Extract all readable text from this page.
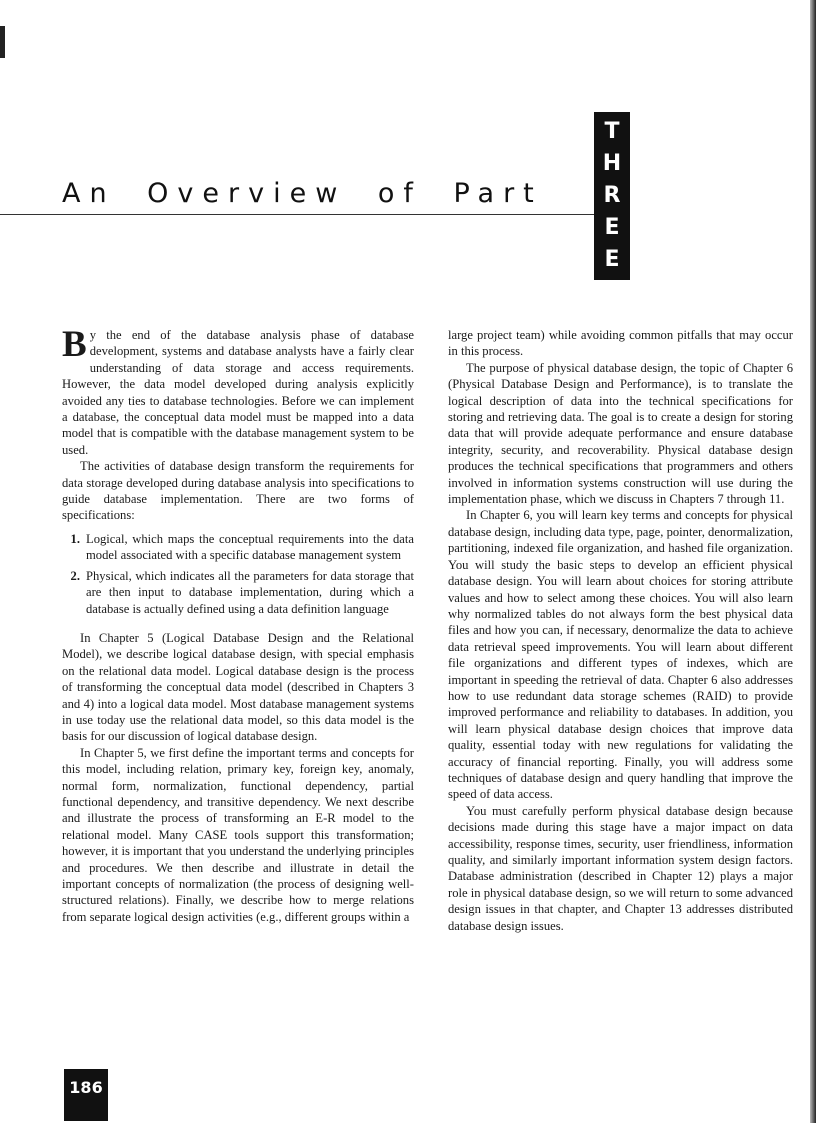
T
H
R
E
E
An Overview of Part

By the end of the database analysis phase of database development, systems and database analysts have a fairly clear understanding of data storage and access requirements. However, the data model developed during analysis explicitly avoided any ties to database technologies. Before we can implement a database, the conceptual data model must be mapped into a data model that is compatible with the database management system to be used.

The activities of database design transform the requirements for data storage developed during database analysis into specifications to guide database implementation. There are two forms of specifications:

1. Logical, which maps the conceptual requirements into the data model associated with a specific database management system
2. Physical, which indicates all the parameters for data storage that are then input to database implementation, during which a database is actually defined using a data definition language

In Chapter 5 (Logical Database Design and the Relational Model), we describe logical database design, with special emphasis on the relational data model. Logical database design is the process of transforming the conceptual data model (described in Chapters 3 and 4) into a logical data model. Most database management systems in use today use the relational data model, so this data model is the basis for our discussion of logical database design.

In Chapter 5, we first define the important terms and concepts for this model, including relation, primary key, foreign key, anomaly, normal form, normalization, functional dependency, partial functional dependency, and transitive dependency. We next describe and illustrate the process of transforming an E-R model to the relational model. Many CASE tools support this transformation; however, it is important that you understand the underlying principles and procedures. We then describe and illustrate in detail the important concepts of normalization (the process of designing well-structured relations). Finally, we describe how to merge relations from separate logical design activities (e.g., different groups within a

large project team) while avoiding common pitfalls that may occur in this process.

The purpose of physical database design, the topic of Chapter 6 (Physical Database Design and Performance), is to translate the logical description of data into the technical specifications for storing and retrieving data. The goal is to create a design for storing data that will provide adequate performance and ensure database integrity, security, and recoverability. Physical database design produces the technical specifications that programmers and others involved in information systems construction will use during the implementation phase, which we discuss in Chapters 7 through 11.

In Chapter 6, you will learn key terms and concepts for physical database design, including data type, page, pointer, denormalization, partitioning, indexed file organization, and hashed file organization. You will study the basic steps to develop an efficient physical database design. You will learn about choices for storing attribute values and how to select among these choices. You will also learn why normalized tables do not always form the best physical data files and how you can, if necessary, denormalize the data to achieve data retrieval speed improvements. You will learn about different file organizations and different types of indexes, which are important in speeding the retrieval of data. Chapter 6 also addresses how to use redundant data storage schemes (RAID) to provide improved performance and reliability to databases. In addition, you will learn physical database design choices that improve data quality, essential today with new regulations for validating the accuracy of financial reporting. Finally, you will address some techniques of database design and query handling that improve the speed of data access.

You must carefully perform physical database design because decisions made during this stage have a major impact on data accessibility, response times, security, user friendliness, information quality, and similarly important information system design factors. Database administration (described in Chapter 12) plays a major role in physical database design, so we will return to some advanced design issues in that chapter, and Chapter 13 addresses distributed database design issues.

186
